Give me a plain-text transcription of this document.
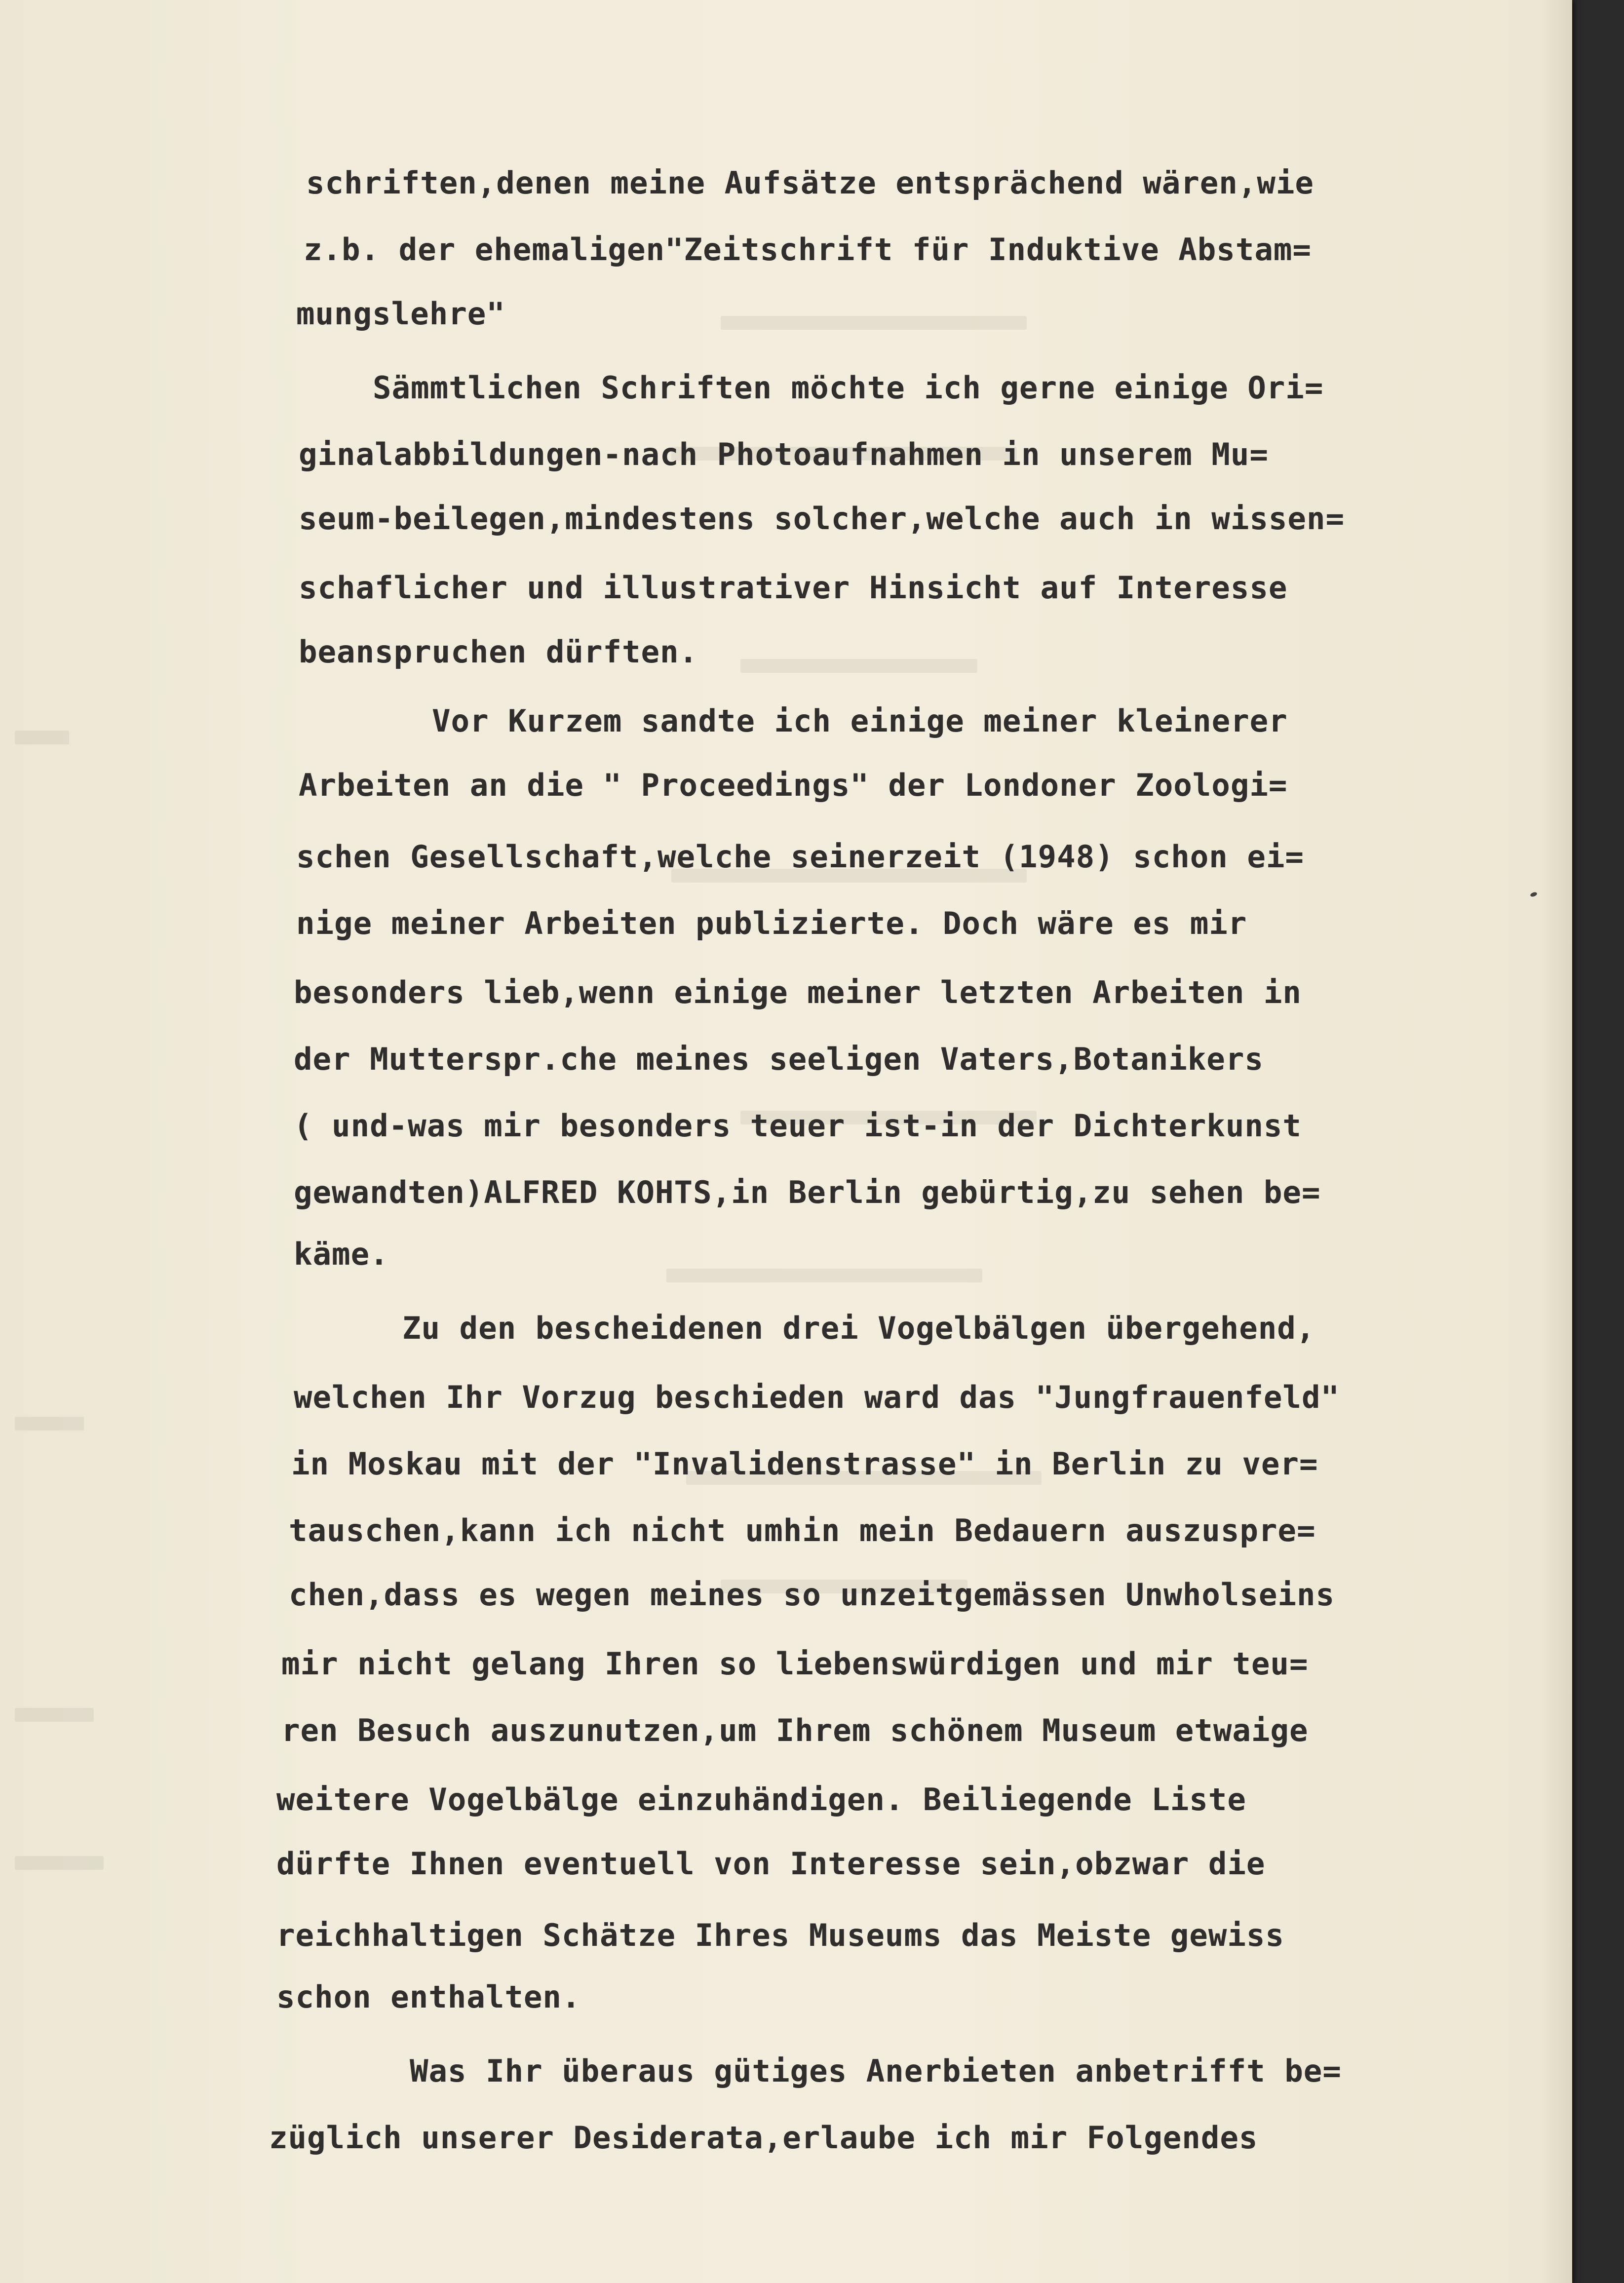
schriften,denen meine Aufsätze entsprächend wären,wie
z.b. der ehemaligen"Zeitschrift für Induktive Abstam=
mungslehre"
Sämmtlichen Schriften möchte ich gerne einige Ori=
ginalabbildungen-nach Photoaufnahmen in unserem Mu=
seum-beilegen,mindestens solcher,welche auch in wissen=
schaflicher und illustrativer Hinsicht auf Interesse
beanspruchen dürften.
Vor Kurzem sandte ich einige meiner kleinerer
Arbeiten an die " Proceedings" der Londoner Zoologi=
schen Gesellschaft,welche seinerzeit (1948) schon ei=
nige meiner Arbeiten publizierte. Doch wäre es mir
besonders lieb,wenn einige meiner letzten Arbeiten in
der Mutterspr.che meines seeligen Vaters,Botanikers
( und-was mir besonders teuer ist-in der Dichterkunst
gewandten)ALFRED KOHTS,in Berlin gebürtig,zu sehen be=
käme.
Zu den bescheidenen drei Vogelbälgen übergehend,
welchen Ihr Vorzug beschieden ward das "Jungfrauenfeld"
in Moskau mit der "Invalidenstrasse" in Berlin zu ver=
tauschen,kann ich nicht umhin mein Bedauern auszuspre=
chen,dass es wegen meines so unzeitgemässen Unwholseins
mir nicht gelang Ihren so liebenswürdigen und mir teu=
ren Besuch auszunutzen,um Ihrem schönem Museum etwaige
weitere Vogelbälge einzuhändigen. Beiliegende Liste
dürfte Ihnen eventuell von Interesse sein,obzwar die
reichhaltigen Schätze Ihres Museums das Meiste gewiss
schon enthalten.
Was Ihr überaus gütiges Anerbieten anbetrifft be=
züglich unserer Desiderata,erlaube ich mir Folgendes
